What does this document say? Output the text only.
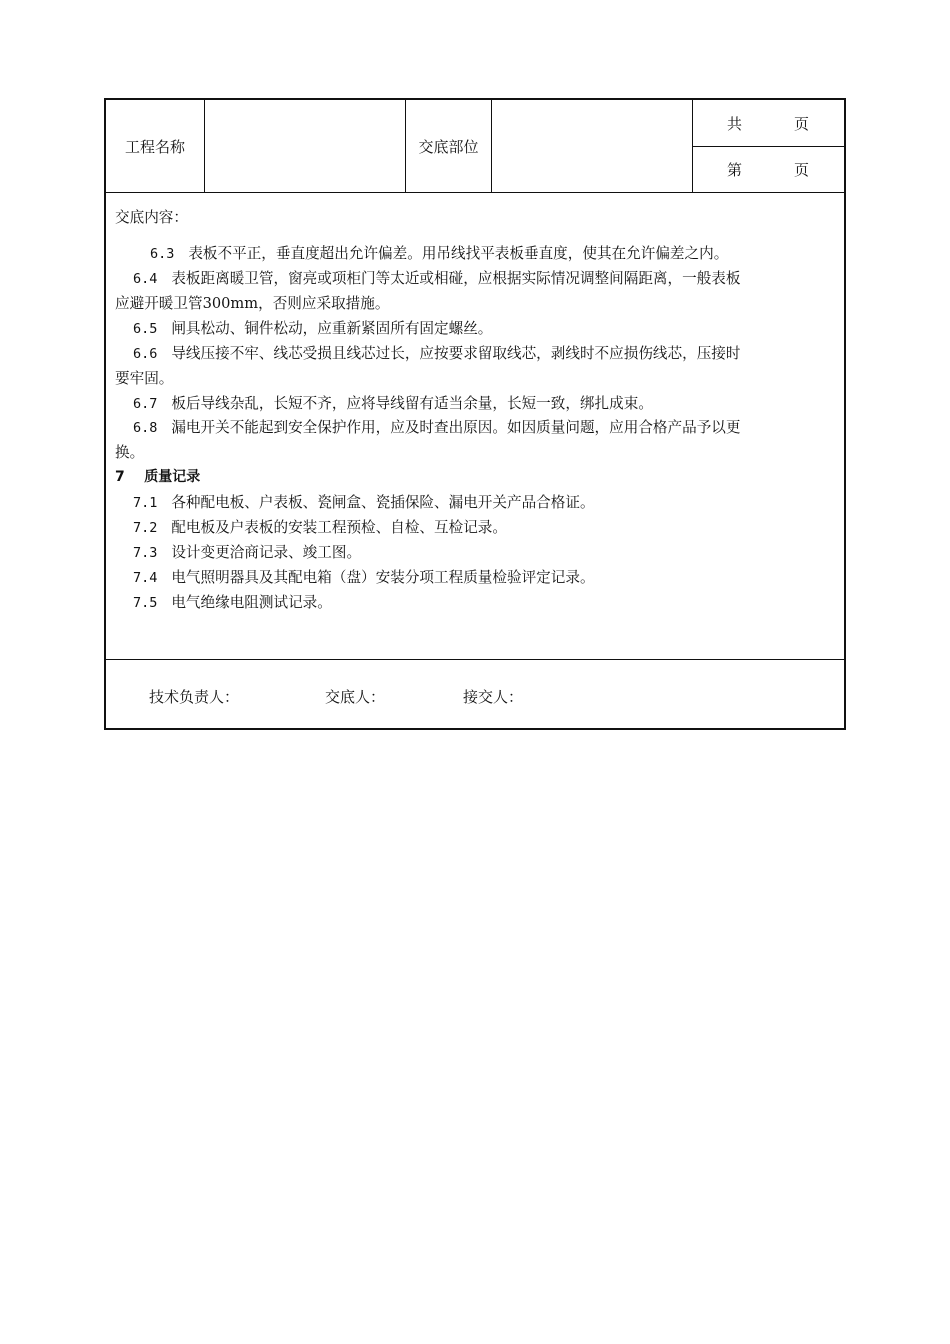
工程名称	交底部位
共	页
第	页
交底内容：
6.3 表板不平正，垂直度超出允许偏差。用吊线找平表板垂直度，使其在允许偏差之内。
6.4 表板距离暖卫管，窗亮或项柜门等太近或相碰，应根据实际情况调整间隔距离，一般表板
应避开暖卫管300mm，否则应采取措施。
6.5 闸具松动、铜件松动，应重新紧固所有固定螺丝。
6.6 导线压接不牢、线芯受损且线芯过长，应按要求留取线芯，剥线时不应损伤线芯，压接时
要牢固。
6.7 板后导线杂乱，长短不齐，应将导线留有适当余量，长短一致，绑扎成束。
6.8 漏电开关不能起到安全保护作用，应及时查出原因。如因质量问题，应用合格产品予以更
换。
7 质量记录
7.1 各种配电板、户表板、瓷闸盒、瓷插保险、漏电开关产品合格证。
7.2 配电板及户表板的安装工程预检、自检、互检记录。
7.3 设计变更洽商记录、竣工图。
7.4 电气照明器具及其配电箱（盘）安装分项工程质量检验评定记录。
7.5 电气绝缘电阻测试记录。
技术负责人：	交底人：	接交人：
